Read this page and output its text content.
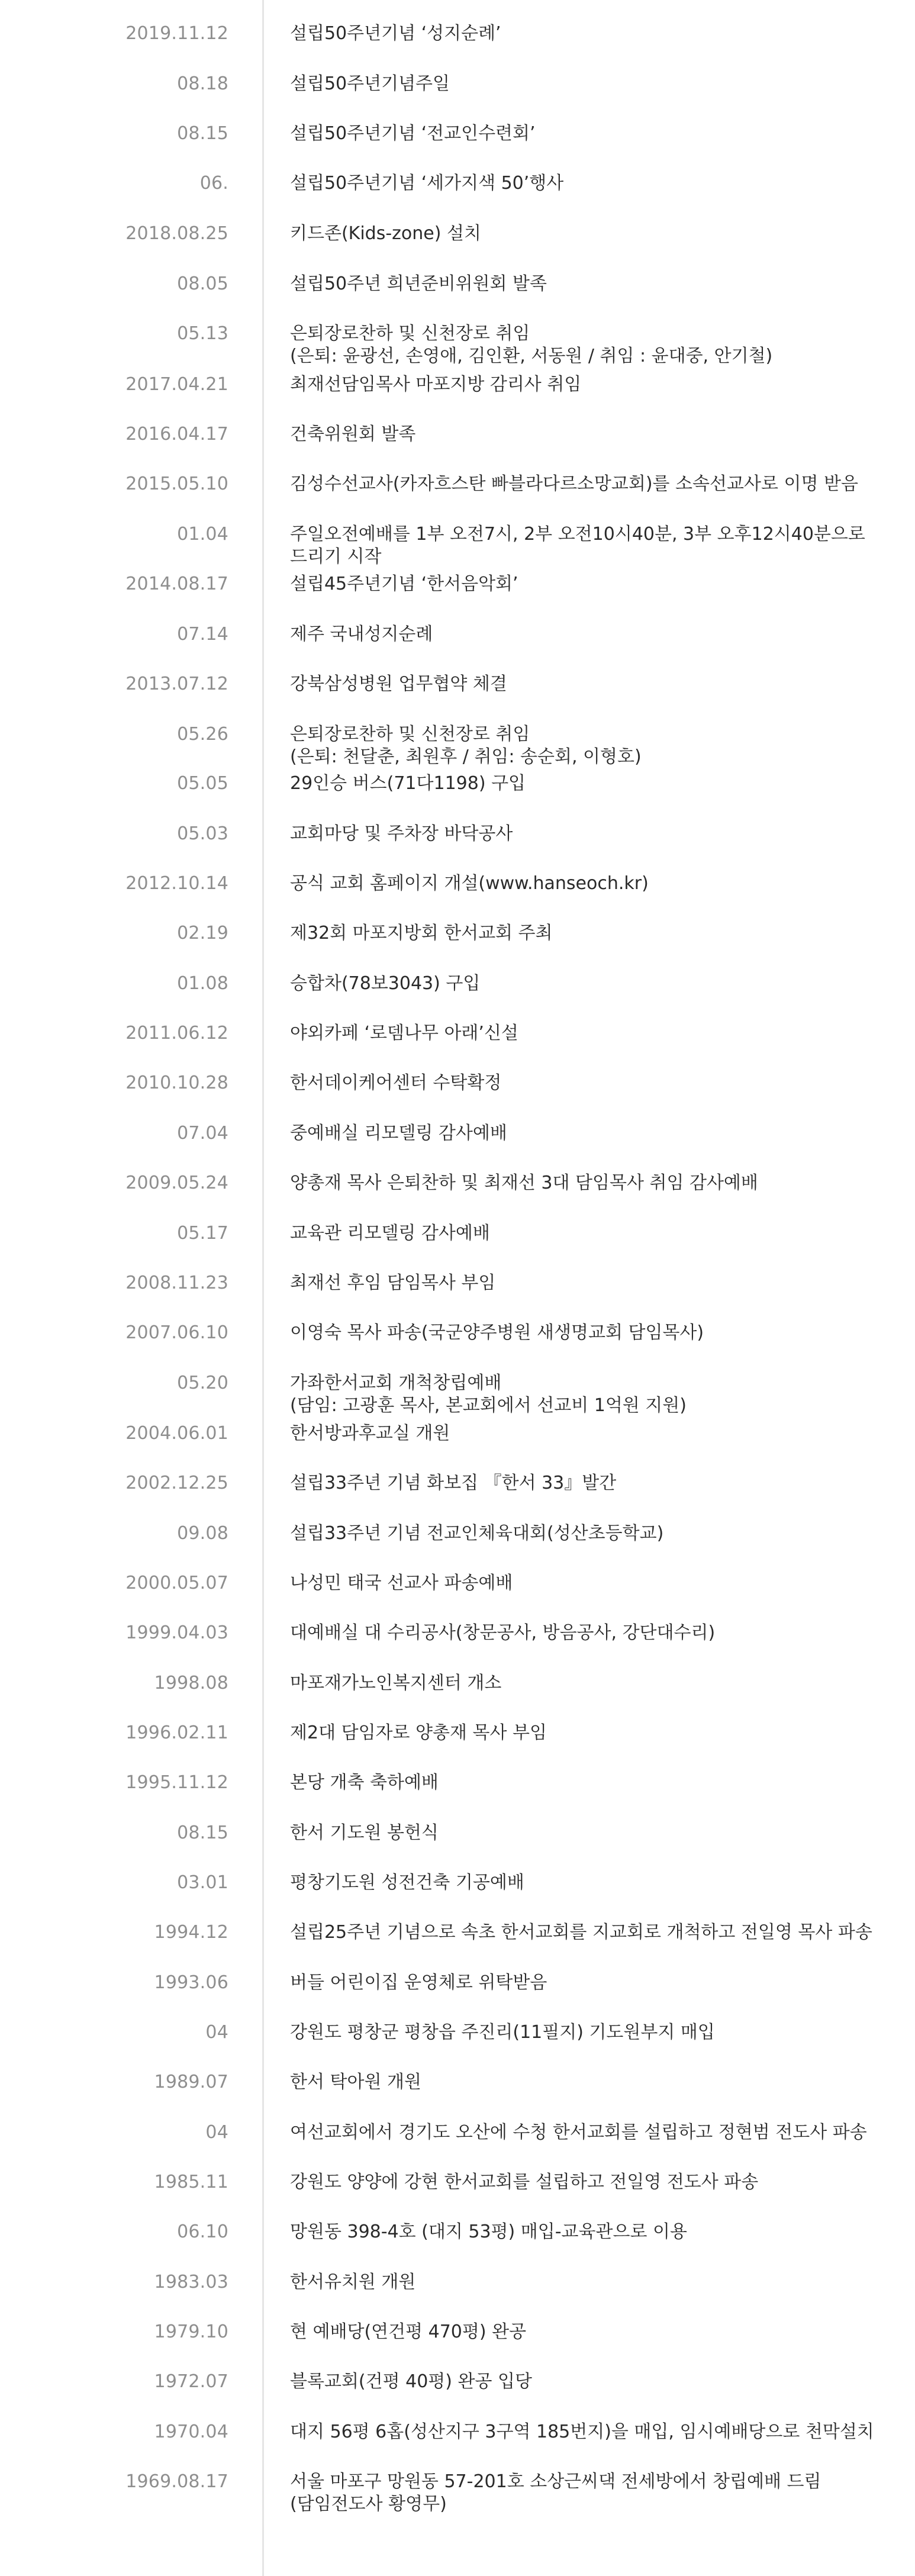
2019.11.12	설립50주년기념 ‘성지순례’
08.18	설립50주년기념주일
08.15	설립50주년기념 ‘전교인수련회’
06.	설립50주년기념 ‘세가지색 50’행사
2018.08.25	키드존(Kids-zone) 설치
08.05	설립50주년 희년준비위원회 발족
05.13	은퇴장로찬하 및 신천장로 취임
(은퇴: 윤광선, 손영애, 김인환, 서동원 / 취임 : 윤대중, 안기철)
2017.04.21	최재선담임목사 마포지방 감리사 취임
2016.04.17	건축위원회 발족
2015.05.10	김성수선교사(카자흐스탄 빠블라다르소망교회)를 소속선교사로 이명 받음
01.04	주일오전예배를 1부 오전7시, 2부 오전10시40분, 3부 오후12시40분으로
드리기 시작
2014.08.17	설립45주년기념 ‘한서음악회’
07.14	제주 국내성지순례
2013.07.12	강북삼성병원 업무협약 체결
05.26	은퇴장로찬하 및 신천장로 취임
(은퇴: 천달춘, 최원후 / 취임: 송순회, 이형호)
05.05	29인승 버스(71다1198) 구입
05.03	교회마당 및 주차장 바닥공사
2012.10.14	공식 교회 홈페이지 개설(www.hanseoch.kr)
02.19	제32회 마포지방회 한서교회 주최
01.08	승합차(78보3043) 구입
2011.06.12	야외카페 ‘로뎀나무 아래’신설
2010.10.28	한서데이케어센터 수탁확정
07.04	중예배실 리모델링 감사예배
2009.05.24	양총재 목사 은퇴찬하 및 최재선 3대 담임목사 취임 감사예배
05.17	교육관 리모델링 감사예배
2008.11.23	최재선 후임 담임목사 부임
2007.06.10	이영숙 목사 파송(국군양주병원 새생명교회 담임목사)
05.20	가좌한서교회 개척창립예배
(담임: 고광훈 목사, 본교회에서 선교비 1억원 지원)
2004.06.01	한서방과후교실 개원
2002.12.25	설립33주년 기념 화보집 『한서 33』발간
09.08	설립33주년 기념 전교인체육대회(성산초등학교)
2000.05.07	나성민 태국 선교사 파송예배
1999.04.03	대예배실 대 수리공사(창문공사, 방음공사, 강단대수리)
1998.08	마포재가노인복지센터 개소
1996.02.11	제2대 담임자로 양총재 목사 부임
1995.11.12	본당 개축 축하예배
08.15	한서 기도원 봉헌식
03.01	평창기도원 성전건축 기공예배
1994.12	설립25주년 기념으로 속초 한서교회를 지교회로 개척하고 전일영 목사 파송
1993.06	버들 어린이집 운영체로 위탁받음
04	강원도 평창군 평창읍 주진리(11필지) 기도원부지 매입
1989.07	한서 탁아원 개원
04	여선교회에서 경기도 오산에 수청 한서교회를 설립하고 정현범 전도사 파송
1985.11	강원도 양양에 강현 한서교회를 설립하고 전일영 전도사 파송
06.10	망원동 398-4호 (대지 53평) 매입-교육관으로 이용
1983.03	한서유치원 개원
1979.10	현 예배당(연건평 470평) 완공
1972.07	블록교회(건평 40평) 완공 입당
1970.04	대지 56평 6홉(성산지구 3구역 185번지)을 매입, 임시예배당으로 천막설치
1969.08.17	서울 마포구 망원동 57-201호 소상근씨댁 전세방에서 창립예배 드림
(담임전도사 황영무)
